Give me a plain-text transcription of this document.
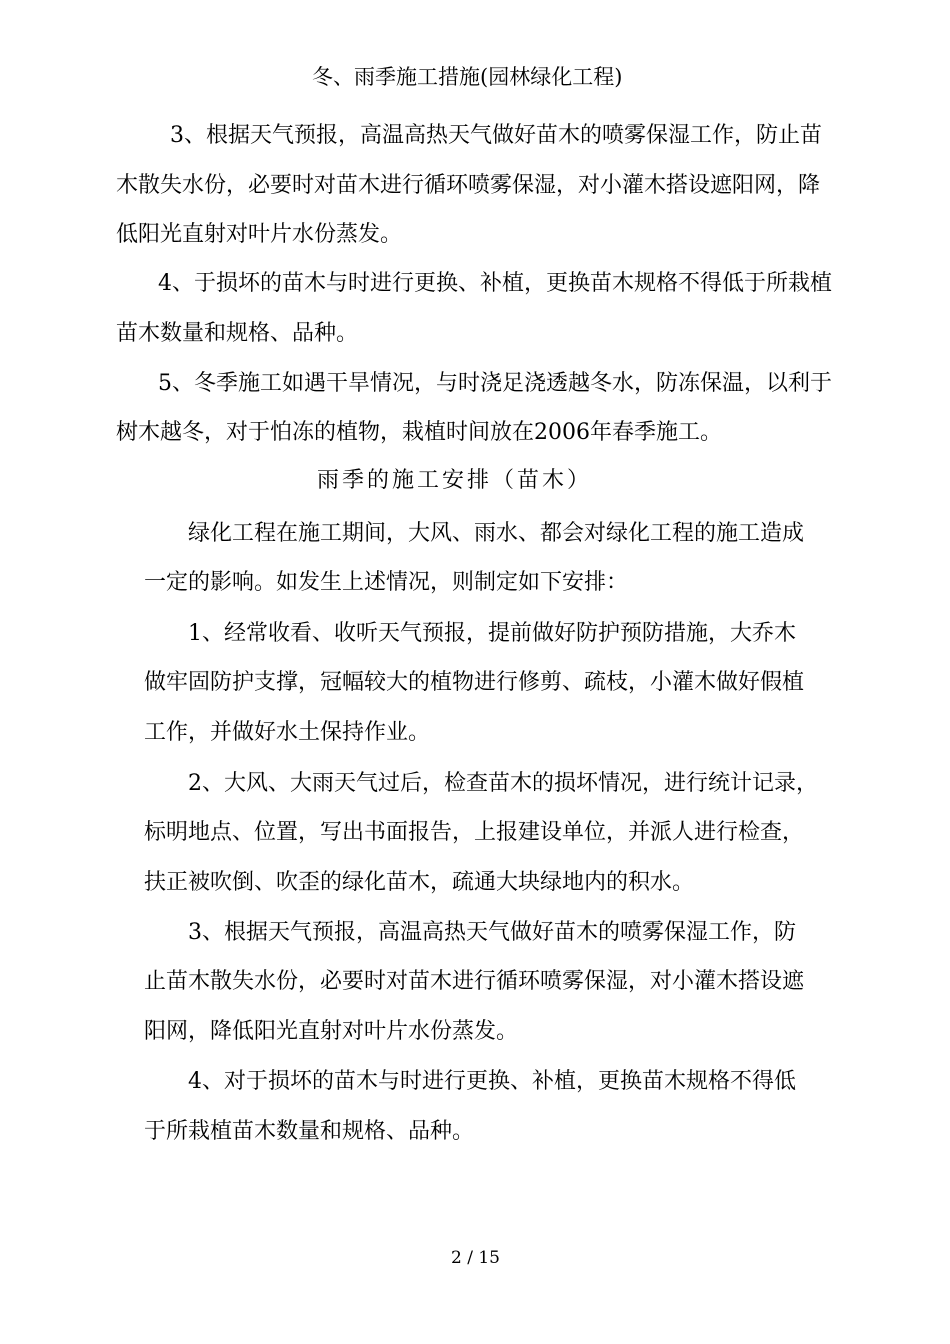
冬、雨季施工措施(园林绿化工程)
3、根据天气预报，高温高热天气做好苗木的喷雾保湿工作，防止苗
木散失水份，必要时对苗木进行循环喷雾保湿，对小灌木搭设遮阳网，降
低阳光直射对叶片水份蒸发。
4、于损坏的苗木与时进行更换、补植，更换苗木规格不得低于所栽植
苗木数量和规格、品种。
5、冬季施工如遇干旱情况，与时浇足浇透越冬水，防冻保温，以利于
树木越冬，对于怕冻的植物，栽植时间放在2006年春季施工。
雨季的施工安排（苗木）
绿化工程在施工期间，大风、雨水、都会对绿化工程的施工造成
一定的影响。如发生上述情况，则制定如下安排：
1、经常收看、收听天气预报，提前做好防护预防措施，大乔木
做牢固防护支撑，冠幅较大的植物进行修剪、疏枝，小灌木做好假植
工作，并做好水土保持作业。
2、大风、大雨天气过后，检查苗木的损坏情况，进行统计记录，
标明地点、位置，写出书面报告，上报建设单位，并派人进行检查，
扶正被吹倒、吹歪的绿化苗木，疏通大块绿地内的积水。
3、根据天气预报，高温高热天气做好苗木的喷雾保湿工作，防
止苗木散失水份，必要时对苗木进行循环喷雾保湿，对小灌木搭设遮
阳网，降低阳光直射对叶片水份蒸发。
4、对于损坏的苗木与时进行更换、补植，更换苗木规格不得低
于所栽植苗木数量和规格、品种。
2 / 15
